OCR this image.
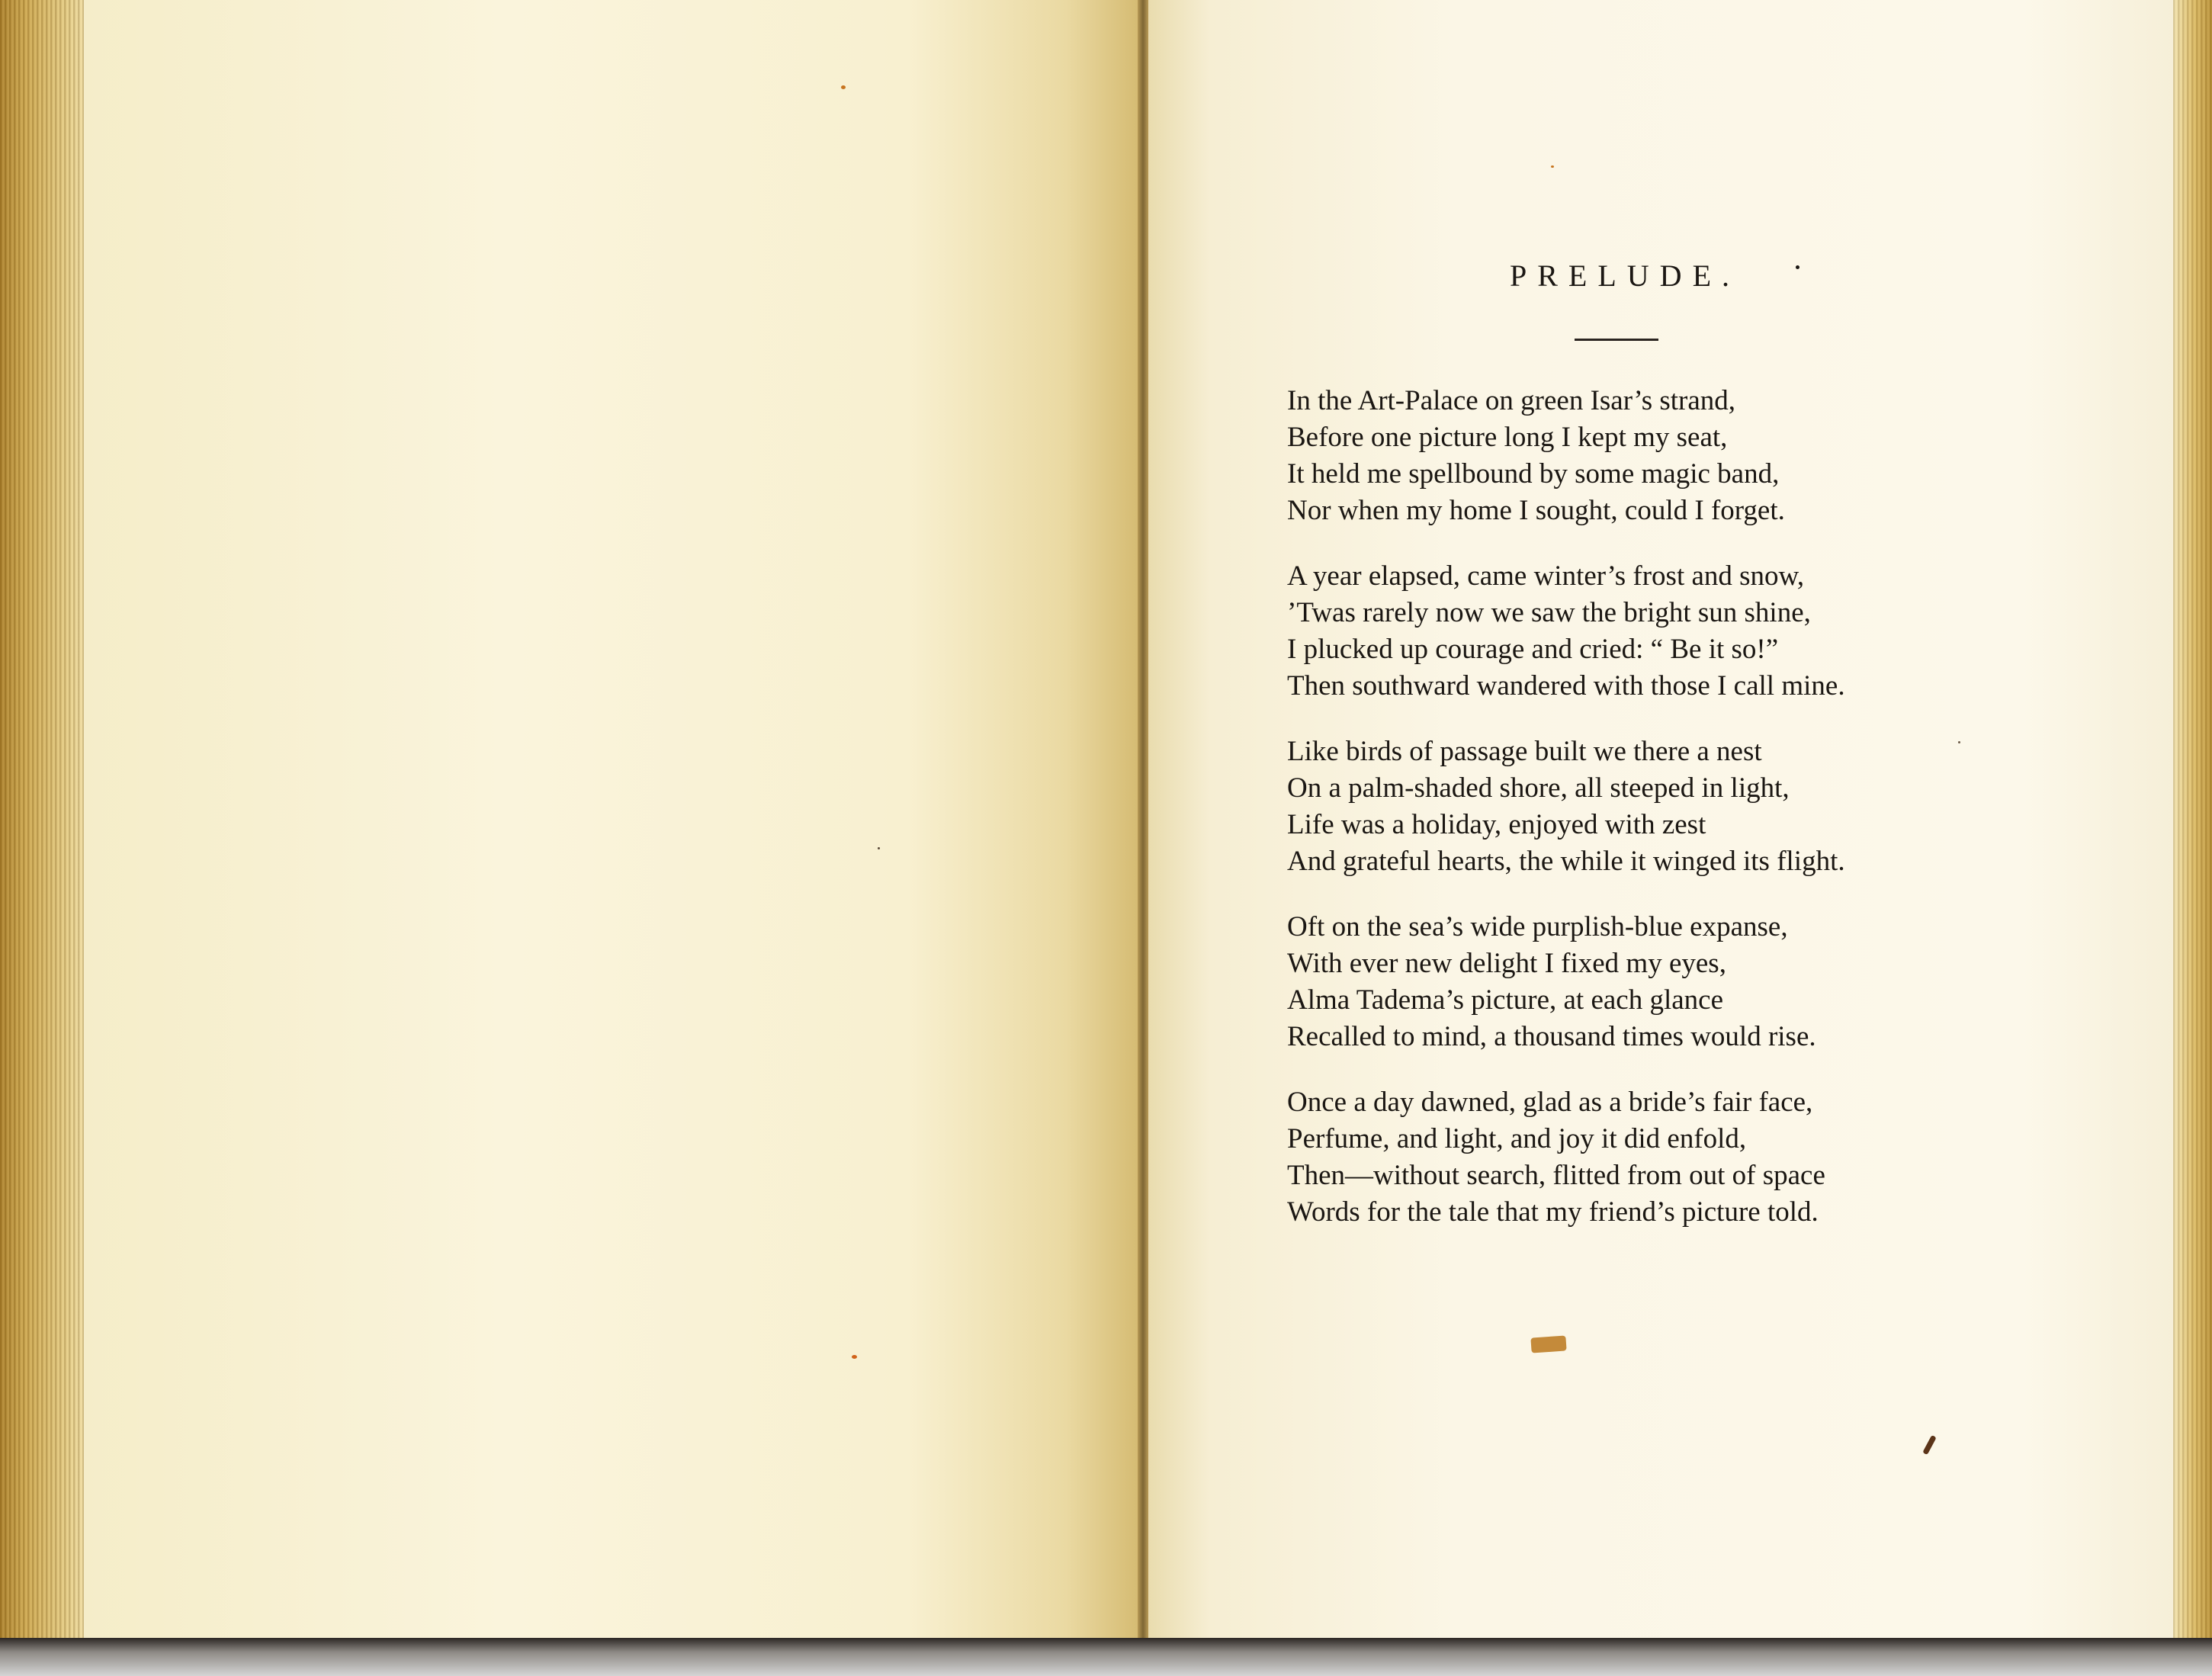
PRELUDE.
In the Art-Palace on green Isar’s strand,
Before one picture long I kept my seat,
It held me spellbound by some magic band,
Nor when my home I sought, could I forget.
A year elapsed, came winter’s frost and snow,
’Twas rarely now we saw the bright sun shine,
I plucked up courage and cried: “ Be it so!”
Then southward wandered with those I call mine.
Like birds of passage built we there a nest
On a palm-shaded shore, all steeped in light,
Life was a holiday, enjoyed with zest
And grateful hearts, the while it winged its flight.
Oft on the sea’s wide purplish-blue expanse,
With ever new delight I fixed my eyes,
Alma Tadema’s picture, at each glance
Recalled to mind, a thousand times would rise.
Once a day dawned, glad as a bride’s fair face,
Perfume, and light, and joy it did enfold,
Then—without search, flitted from out of space
Words for the tale that my friend’s picture told.
